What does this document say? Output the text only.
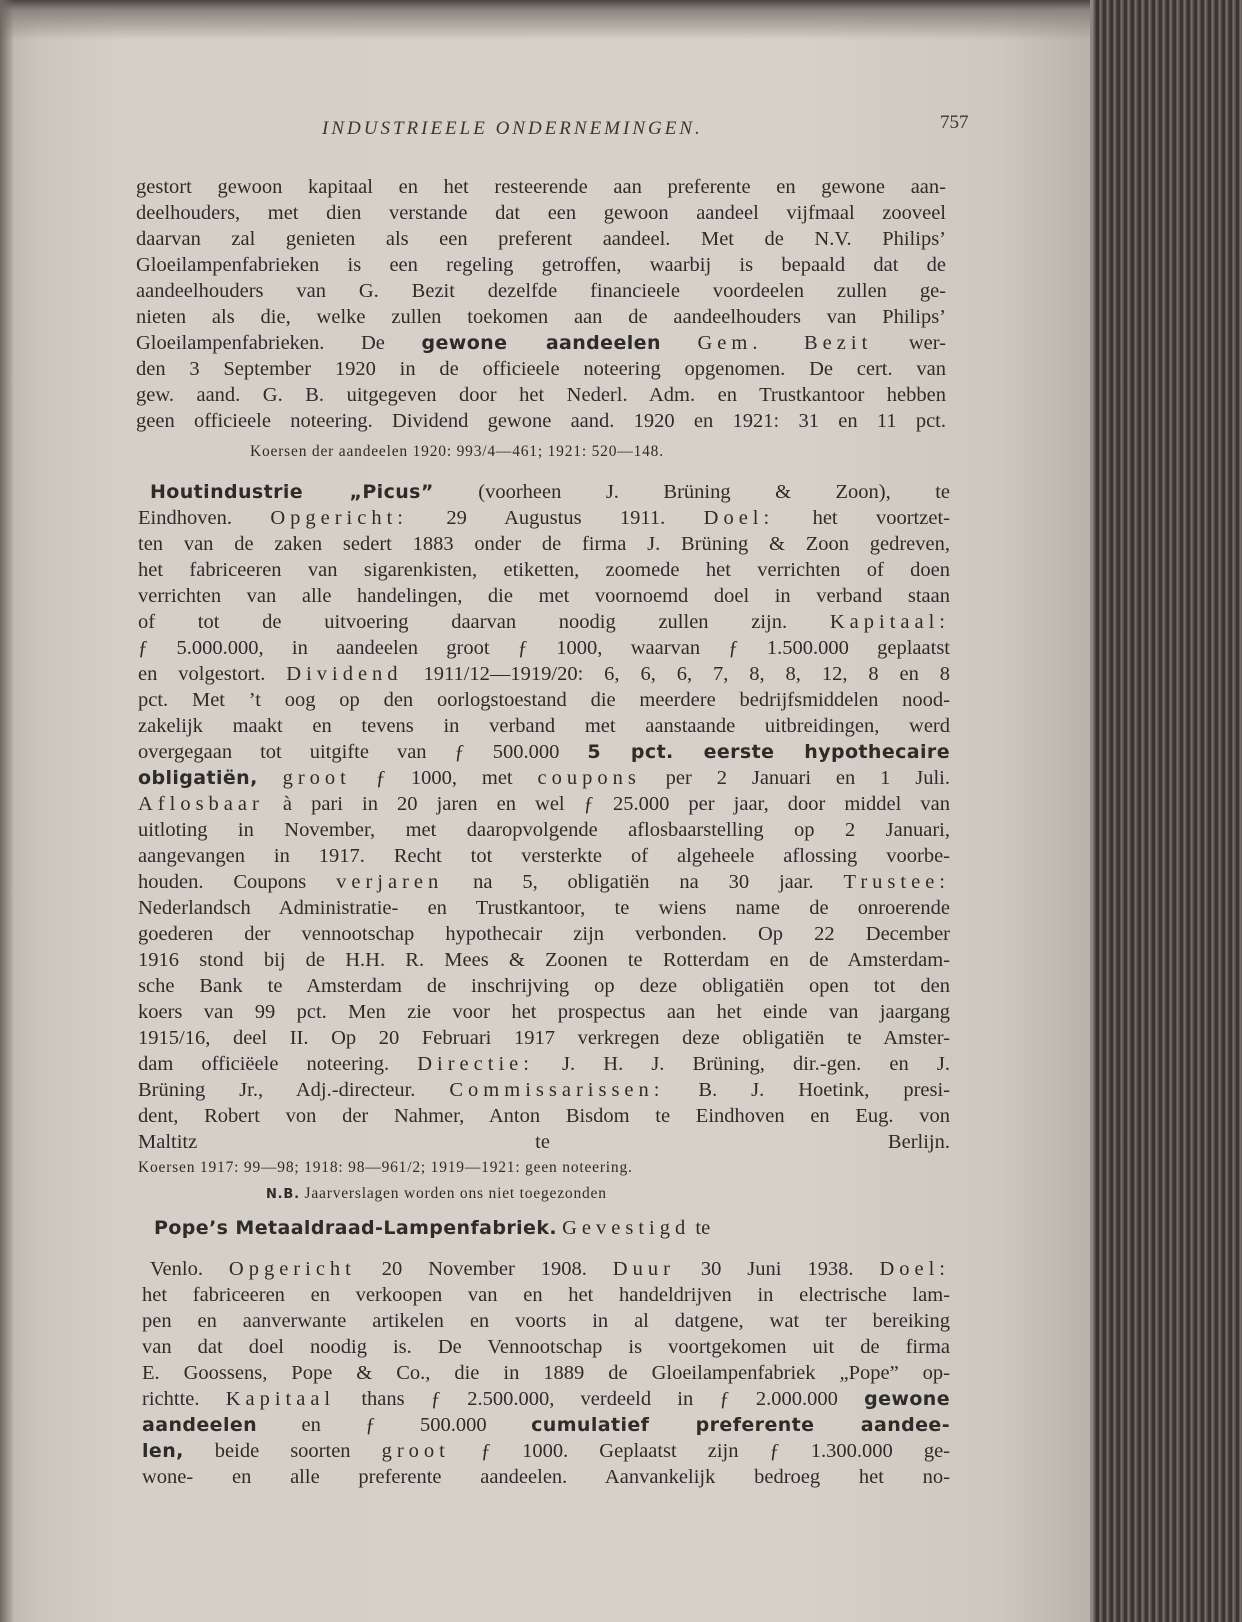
INDUSTRIEELE ONDERNEMINGEN.	757
gestort gewoon kapitaal en het resteerende aan preferente en gewone aan-
deelhouders, met dien verstande dat een gewoon aandeel vijfmaal zooveel
daarvan zal genieten als een preferent aandeel. Met de N.V. Philips’
Gloeilampenfabrieken is een regeling getroffen, waarbij is bepaald dat de
aandeelhouders van G. Bezit dezelfde financieele voordeelen zullen ge-
nieten als die, welke zullen toekomen aan de aandeelhouders van Philips’
Gloeilampenfabrieken. De gewone aandeelen Gem. Bezit wer-
den 3 September 1920 in de officieele noteering opgenomen. De cert. van
gew. aand. G. B. uitgegeven door het Nederl. Adm. en Trustkantoor hebben
geen officieele noteering. Dividend gewone aand. 1920 en 1921: 31 en 11 pct.
Koersen der aandeelen 1920: 993/4—461; 1921: 520—148.
Houtindustrie „Picus” (voorheen J. Brüning & Zoon), te
Eindhoven. Opgericht: 29 Augustus 1911. Doel: het voortzet-
ten van de zaken sedert 1883 onder de firma J. Brüning & Zoon gedreven,
het fabriceeren van sigarenkisten, etiketten, zoomede het verrichten of doen
verrichten van alle handelingen, die met voornoemd doel in verband staan
of tot de uitvoering daarvan noodig zullen zijn. Kapitaal:
ƒ 5.000.000, in aandeelen groot ƒ 1000, waarvan ƒ 1.500.000 geplaatst
en volgestort. Dividend 1911/12—1919/20: 6, 6, 6, 7, 8, 8, 12, 8 en 8
pct. Met ’t oog op den oorlogstoestand die meerdere bedrijfsmiddelen nood-
zakelijk maakt en tevens in verband met aanstaande uitbreidingen, werd
overgegaan tot uitgifte van ƒ 500.000 5 pct. eerste hypothecaire
obligatiën, groot ƒ 1000, met coupons per 2 Januari en 1 Juli.
Aflosbaar à pari in 20 jaren en wel ƒ 25.000 per jaar, door middel van
uitloting in November, met daaropvolgende aflosbaarstelling op 2 Januari,
aangevangen in 1917. Recht tot versterkte of algeheele aflossing voorbe-
houden. Coupons verjaren na 5, obligatiën na 30 jaar. Trustee:
Nederlandsch Administratie- en Trustkantoor, te wiens name de onroerende
goederen der vennootschap hypothecair zijn verbonden. Op 22 December
1916 stond bij de H.H. R. Mees & Zoonen te Rotterdam en de Amsterdam-
sche Bank te Amsterdam de inschrijving op deze obligatiën open tot den
koers van 99 pct. Men zie voor het prospectus aan het einde van jaargang
1915/16, deel II. Op 20 Februari 1917 verkregen deze obligatiën te Amster-
dam officiëele noteering. Directie: J. H. J. Brüning, dir.-gen. en J.
Brüning Jr., Adj.-directeur. Commissarissen: B. J. Hoetink, presi-
dent, Robert von der Nahmer, Anton Bisdom te Eindhoven en Eug. von
Maltitz te Berlijn.
Koersen 1917: 99—98; 1918: 98—961/2; 1919—1921: geen noteering.
N.B. Jaarverslagen worden ons niet toegezonden
Pope’s Metaaldraad-Lampenfabriek. Gevestigd te
Venlo. Opgericht 20 November 1908. Duur 30 Juni 1938. Doel:
het fabriceeren en verkoopen van en het handeldrijven in electrische lam-
pen en aanverwante artikelen en voorts in al datgene, wat ter bereiking
van dat doel noodig is. De Vennootschap is voortgekomen uit de firma
E. Goossens, Pope & Co., die in 1889 de Gloeilampenfabriek „Pope” op-
richtte. Kapitaal thans ƒ 2.500.000, verdeeld in ƒ 2.000.000 gewone
aandeelen en ƒ 500.000 cumulatief preferente aandee-
len, beide soorten groot ƒ 1000. Geplaatst zijn ƒ 1.300.000 ge-
wone- en alle preferente aandeelen. Aanvankelijk bedroeg het no-
